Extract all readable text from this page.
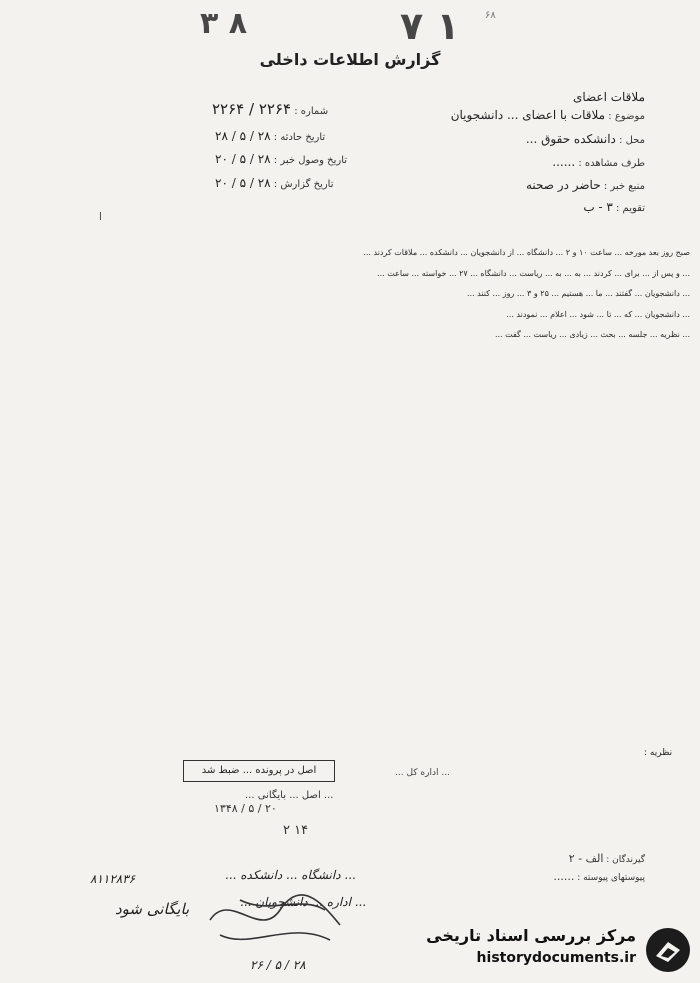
۳ ۸	۷ ۱	۶۸
گزارش اطلاعات داخلی
ملاقات اعضای
موضوع : ملاقات با اعضای ... دانشجویان
محل : دانشکده حقوق ...
طرف مشاهده : ......
منبع خبر : حاضر در صحنه
تقویم : ۳ - ب
شماره : ۲۲۶۴ / ۲۲۶۴
تاریخ حادثه : ۲۸ / ۵ / ۲۸
تاریخ وصول خبر : ۲۸ / ۵ / ۲۰
تاریخ گزارش : ۲۸ / ۵ / ۲۰

صبح روز بعد مورخه ... ساعت ۱۰ و ۲ ... دانشگاه ... از دانشجویان ... دانشکده ... ملاقات کردند ...

... و پس از ... برای ... کردند ... به ... به ... ریاست ... دانشگاه ... ۲۷ ... خواسته ... ساعت ...

... دانشجویان ... گفتند ... ما ... هستیم ... ۲۵ و ۳ ... روز ... کنند ...

... دانشجویان ... که ... تا ... شود ... اعلام ... نمودند ...

... نظریه ... جلسه ... بحث ... زیادی ... ریاست ... گفت ...

نظریه :
اصل در پرونده ... ضبط شد	... اداره کل ...
... اصل ... بایگانی ...
۱۳۴۸ / ۵ / ۲۰
۲ ۱۴
گیرندگان : الف - ۲
پیوستهای پیوسته : ......
۸۱۱۲۸۳۶	... دانشگاه ... دانشکده ...
... اداره ... دانشجویان ...
بایگانی شود
۲۸ / ۵ / ۲۶
مرکز بررسی اسناد تاریخی
historydocuments.ir
